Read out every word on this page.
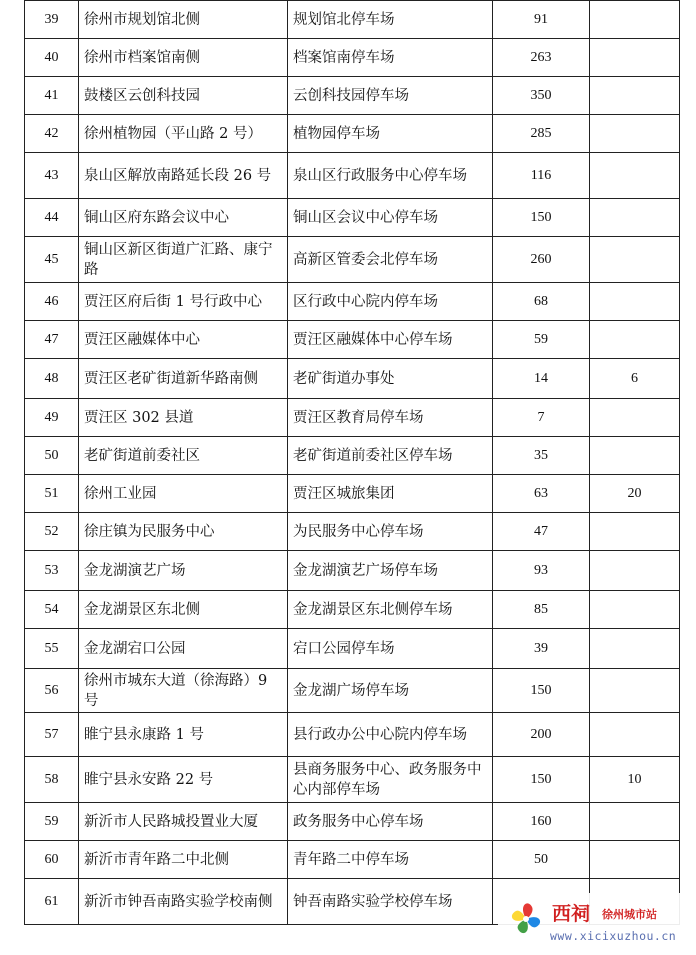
39	徐州市规划馆北侧	规划馆北停车场	91	
40	徐州市档案馆南侧	档案馆南停车场	263	
41	鼓楼区云创科技园	云创科技园停车场	350	
42	徐州植物园（平山路 2 号）	植物园停车场	285	
43	泉山区解放南路延长段 26 号	泉山区行政服务中心停车场	116	
44	铜山区府东路会议中心	铜山区会议中心停车场	150	
45	铜山区新区街道广汇路、康宁路	高新区管委会北停车场	260	
46	贾汪区府后街 1 号行政中心	区行政中心院内停车场	68	
47	贾汪区融媒体中心	贾汪区融媒体中心停车场	59	
48	贾汪区老矿街道新华路南侧	老矿街道办事处	14	6
49	贾汪区 302 县道	贾汪区教育局停车场	7	
50	老矿街道前委社区	老矿街道前委社区停车场	35	
51	徐州工业园	贾汪区城旅集团	63	20
52	徐庄镇为民服务中心	为民服务中心停车场	47	
53	金龙湖演艺广场	金龙湖演艺广场停车场	93	
54	金龙湖景区东北侧	金龙湖景区东北侧停车场	85	
55	金龙湖宕口公园	宕口公园停车场	39	
56	徐州市城东大道（徐海路）9 号	金龙湖广场停车场	150	
57	睢宁县永康路 1 号	县行政办公中心院内停车场	200	
58	睢宁县永安路 22 号	县商务服务中心、政务服务中心内部停车场	150	10
59	新沂市人民路城投置业大厦	政务服务中心停车场	160	
60	新沂市青年路二中北侧	青年路二中停车场	50	
61	新沂市钟吾南路实验学校南侧	钟吾南路实验学校停车场		
西祠 徐州城市站
www.xicixuzhou.cn
